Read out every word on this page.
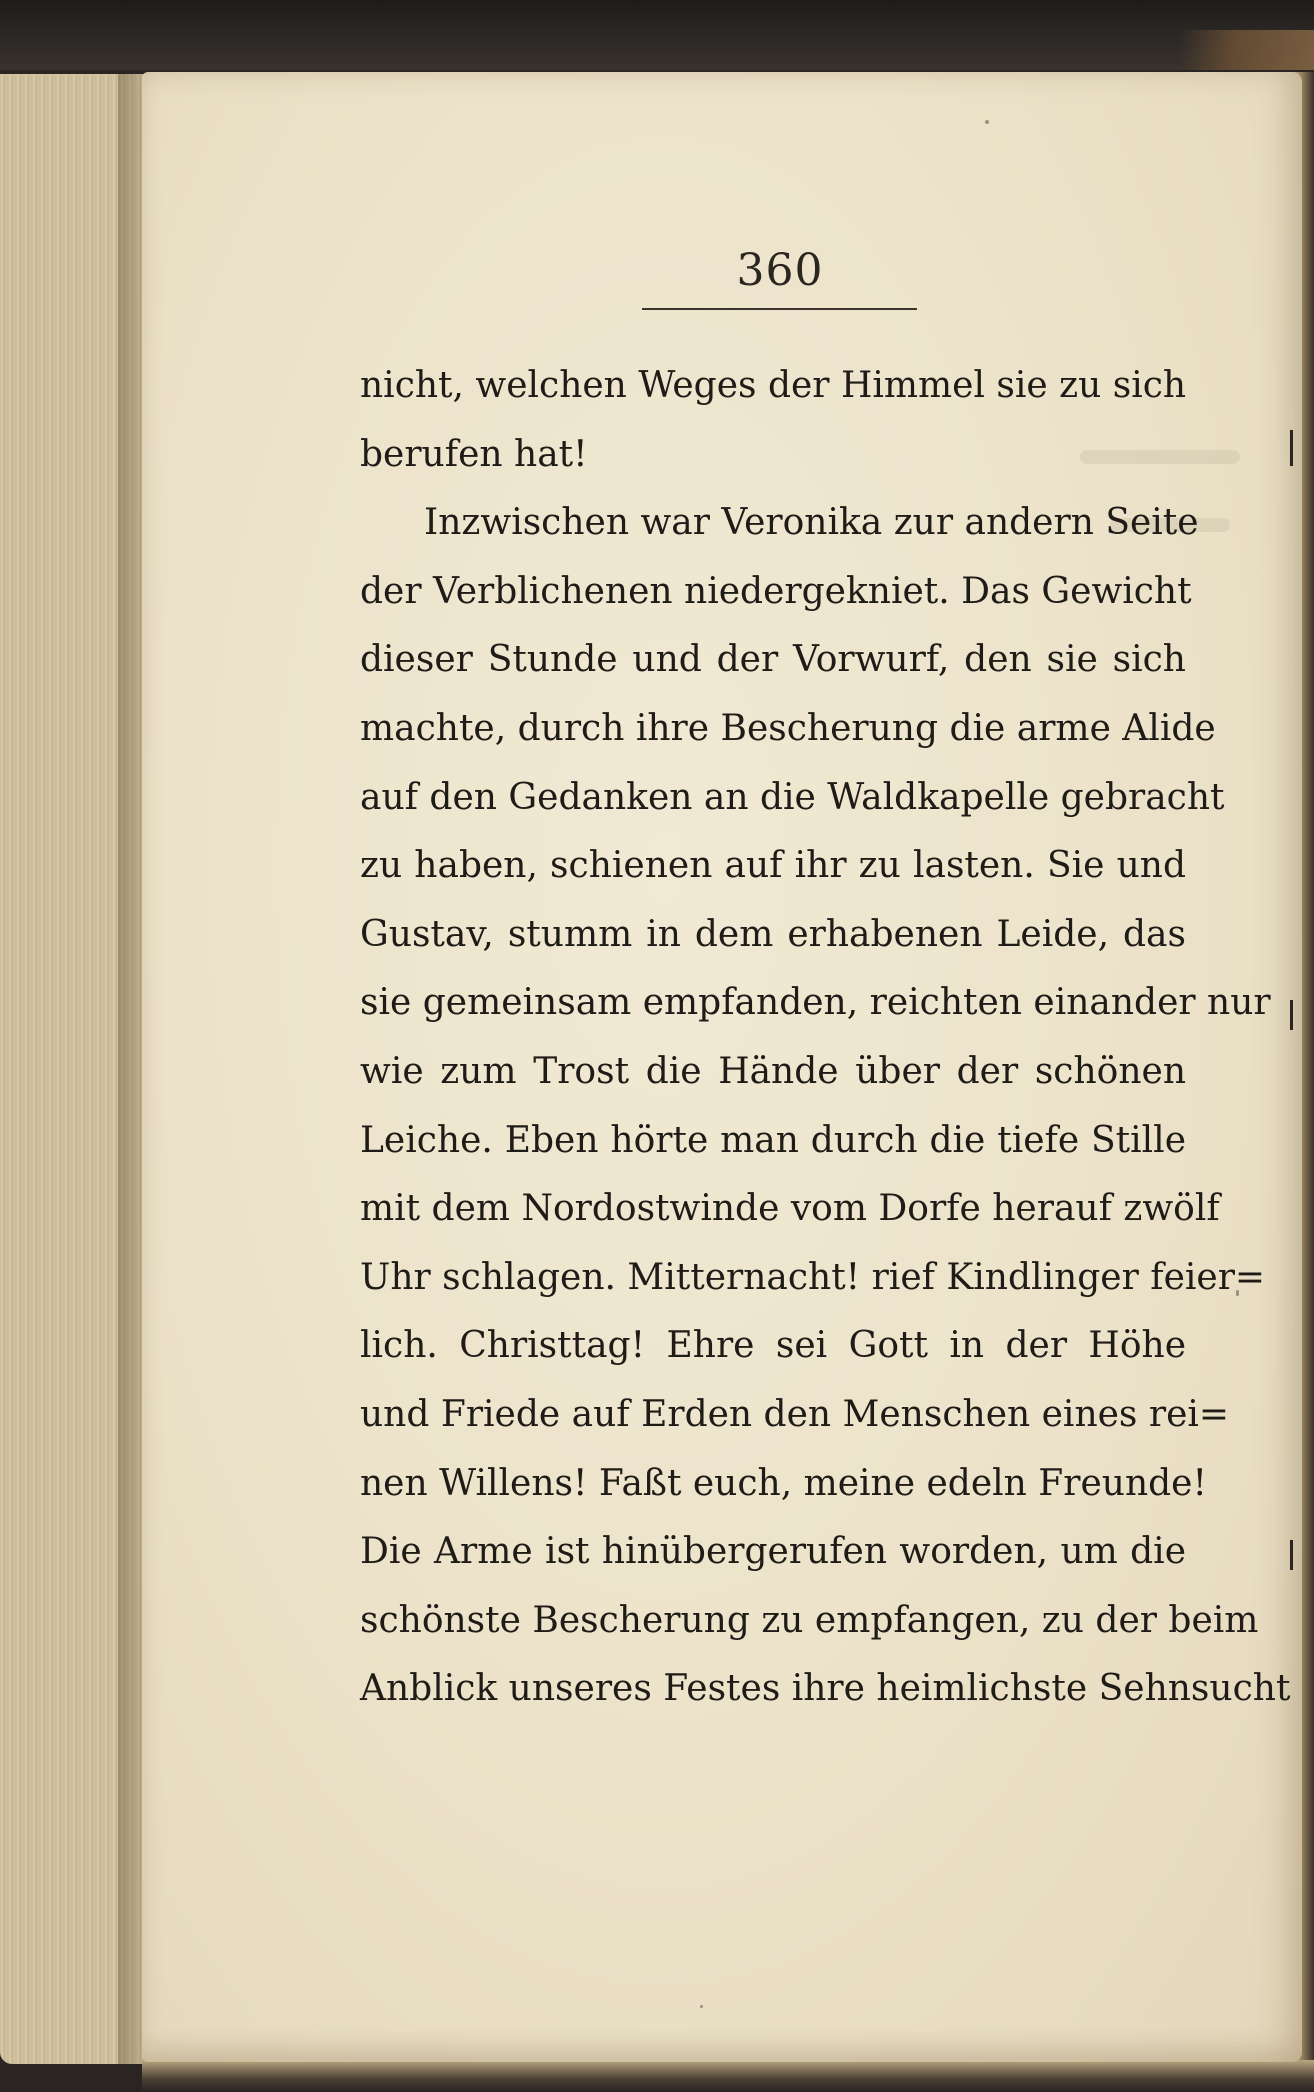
360

nicht, welchen Weges der Himmel sie zu sich
berufen hat!
Inzwischen war Veronika zur andern Seite
der Verblichenen niedergekniet. Das Gewicht
dieser Stunde und der Vorwurf, den sie sich
machte, durch ihre Bescherung die arme Alide
auf den Gedanken an die Waldkapelle gebracht
zu haben, schienen auf ihr zu lasten. Sie und
Gustav, stumm in dem erhabenen Leide, das
sie gemeinsam empfanden, reichten einander nur
wie zum Trost die Hände über der schönen
Leiche. Eben hörte man durch die tiefe Stille
mit dem Nordostwinde vom Dorfe herauf zwölf
Uhr schlagen. Mitternacht! rief Kindlinger feier=
lich. Christtag! Ehre sei Gott in der Höhe
und Friede auf Erden den Menschen eines rei=
nen Willens! Faßt euch, meine edeln Freunde!
Die Arme ist hinübergerufen worden, um die
schönste Bescherung zu empfangen, zu der beim
Anblick unseres Festes ihre heimlichste Sehnsucht
